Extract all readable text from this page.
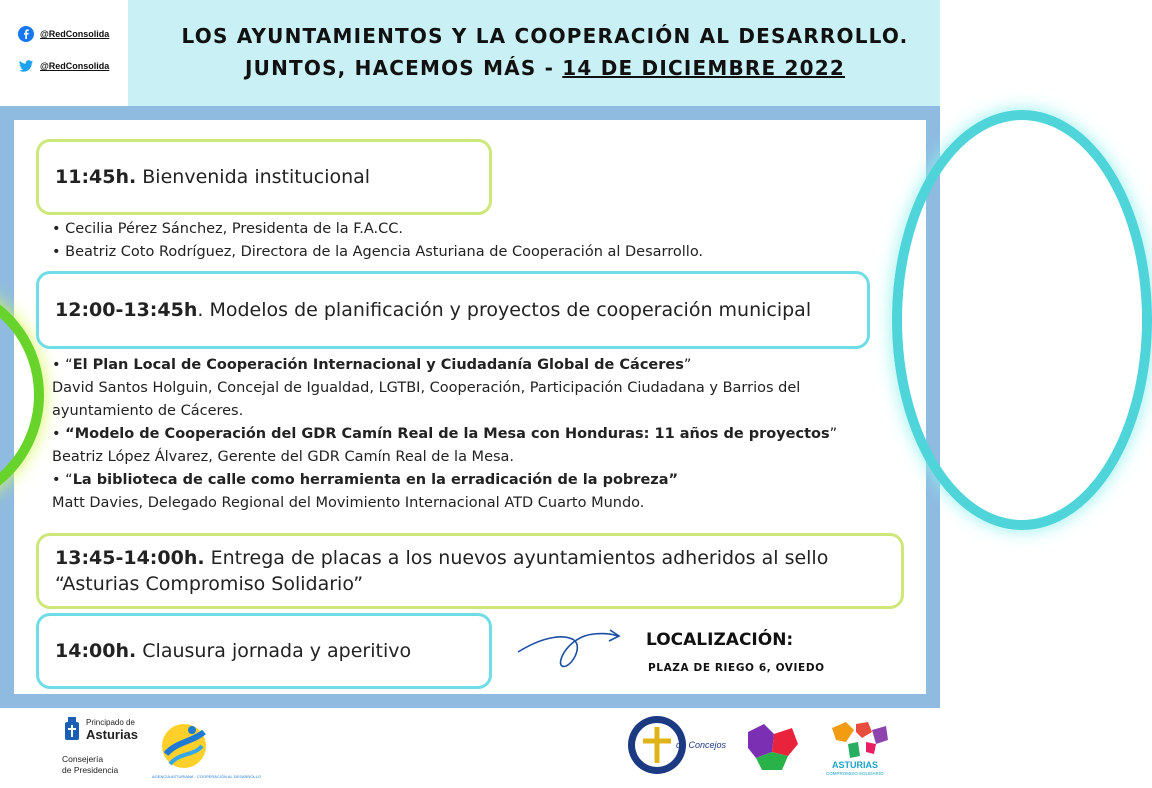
@RedConsolida
@RedConsolida
LOS AYUNTAMIENTOS Y LA COOPERACIÓN AL DESARROLLO.
JUNTOS, HACEMOS MÁS - 14 DE DICIEMBRE 2022
11:45h. Bienvenida institucional
• Cecilia Pérez Sánchez, Presidenta de la F.A.CC.
• Beatriz Coto Rodríguez, Directora de la Agencia Asturiana de Cooperación al Desarrollo.
12:00-13:45h. Modelos de planificación y proyectos de cooperación municipal
• “El Plan Local de Cooperación Internacional y Ciudadanía Global de Cáceres”
David Santos Holguin, Concejal de Igualdad, LGTBI, Cooperación, Participación Ciudadana y Barrios del
ayuntamiento de Cáceres.
• “Modelo de Cooperación del GDR Camín Real de la Mesa con Honduras: 11 años de proyectos”
Beatriz López Álvarez, Gerente del GDR Camín Real de la Mesa.
• “La biblioteca de calle como herramienta en la erradicación de la pobreza”
Matt Davies, Delegado Regional del Movimiento Internacional ATD Cuarto Mundo.
13:45-14:00h. Entrega de placas a los nuevos ayuntamientos adheridos al sello
“Asturias Compromiso Solidario”
14:00h. Clausura jornada y aperitivo	LOCALIZACIÓN:
PLAZA DE RIEGO 6, OVIEDO
Principado de
Asturias
Consejería
de Presidencia
AGENCIA ASTURIANA · COOPERACIÓN AL DESARROLLO
de Concejos
ASTURIAS
COMPROMISO SOLIDARIO
